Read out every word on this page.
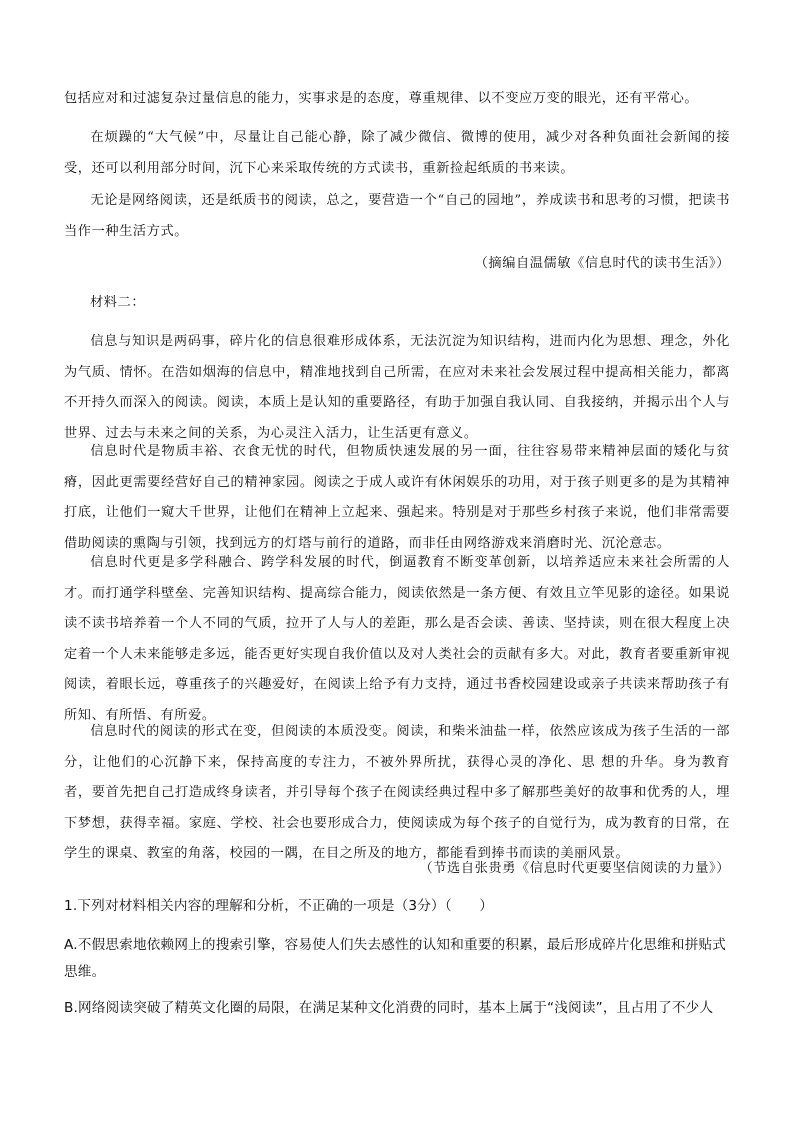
包括应对和过滤复杂过量信息的能力，实事求是的态度，尊重规律、以不变应万变的眼光，还有平常心。

在烦躁的“大气候”中，尽量让自己能心静，除了减少微信、微博的使用，减少对各种负面社会新闻的接受，还可以利用部分时间，沉下心来采取传统的方式读书，重新捡起纸质的书来读。

无论是网络阅读，还是纸质书的阅读，总之，要营造一个“自己的园地”，养成读书和思考的习惯，把读书当作一种生活方式。

（摘编自温儒敏《信息时代的读书生活》）
材料二：

信息与知识是两码事，碎片化的信息很难形成体系，无法沉淀为知识结构，进而内化为思想、理念，外化为气质、情怀。在浩如烟海的信息中，精准地找到自己所需，在应对未来社会发展过程中提高相关能力，都离不开持久而深入的阅读。阅读，本质上是认知的重要路径，有助于加强自我认同、自我接纳，并揭示出个人与世界、过去与未来之间的关系，为心灵注入活力，让生活更有意义。

信息时代是物质丰裕、衣食无忧的时代，但物质快速发展的另一面，往往容易带来精神层面的矮化与贫瘠，因此更需要经营好自己的精神家园。阅读之于成人或许有休闲娱乐的功用，对于孩子则更多的是为其精神打底，让他们一窥大千世界，让他们在精神上立起来、强起来。特别是对于那些乡村孩子来说，他们非常需要借助阅读的熏陶与引领，找到远方的灯塔与前行的道路，而非任由网络游戏来消磨时光、沉沦意志。

信息时代更是多学科融合、跨学科发展的时代，倒逼教育不断变革创新，以培养适应未来社会所需的人才。而打通学科壁垒、完善知识结构、提高综合能力，阅读依然是一条方便、有效且立竿见影的途径。如果说读不读书培养着一个人不同的气质，拉开了人与人的差距，那么是否会读、善读、坚持读，则在很大程度上决定着一个人未来能够走多远，能否更好实现自我价值以及对人类社会的贡献有多大。对此，教育者要重新审视阅读，着眼长远，尊重孩子的兴趣爱好，在阅读上给予有力支持，通过书香校园建设或亲子共读来帮助孩子有所知、有所悟、有所爱。

信息时代的阅读的形式在变，但阅读的本质没变。阅读，和柴米油盐一样，依然应该成为孩子生活的一部分，让他们的心沉静下来，保持高度的专注力，不被外界所扰，获得心灵的净化、思 想的升华。身为教育者，要首先把自己打造成终身读者，并引导每个孩子在阅读经典过程中多了解那些美好的故事和优秀的人，埋下梦想，获得幸福。家庭、学校、社会也要形成合力，使阅读成为每个孩子的自觉行为，成为教育的日常，在学生的课桌、教室的角落，校园的一隅，在目之所及的地方，都能看到捧书而读的美丽风景。

（节选自张贵勇《信息时代更要坚信阅读的力量》）

1.下列对材料相关内容的理解和分析，不正确的一项是（3分）（　　）

A.不假思索地依赖网上的搜索引擎，容易使人们失去感性的认知和重要的积累，最后形成碎片化思维和拼贴式思维。

B.网络阅读突破了精英文化圈的局限，在满足某种文化消费的同时，基本上属于“浅阅读”，且占用了不少人
